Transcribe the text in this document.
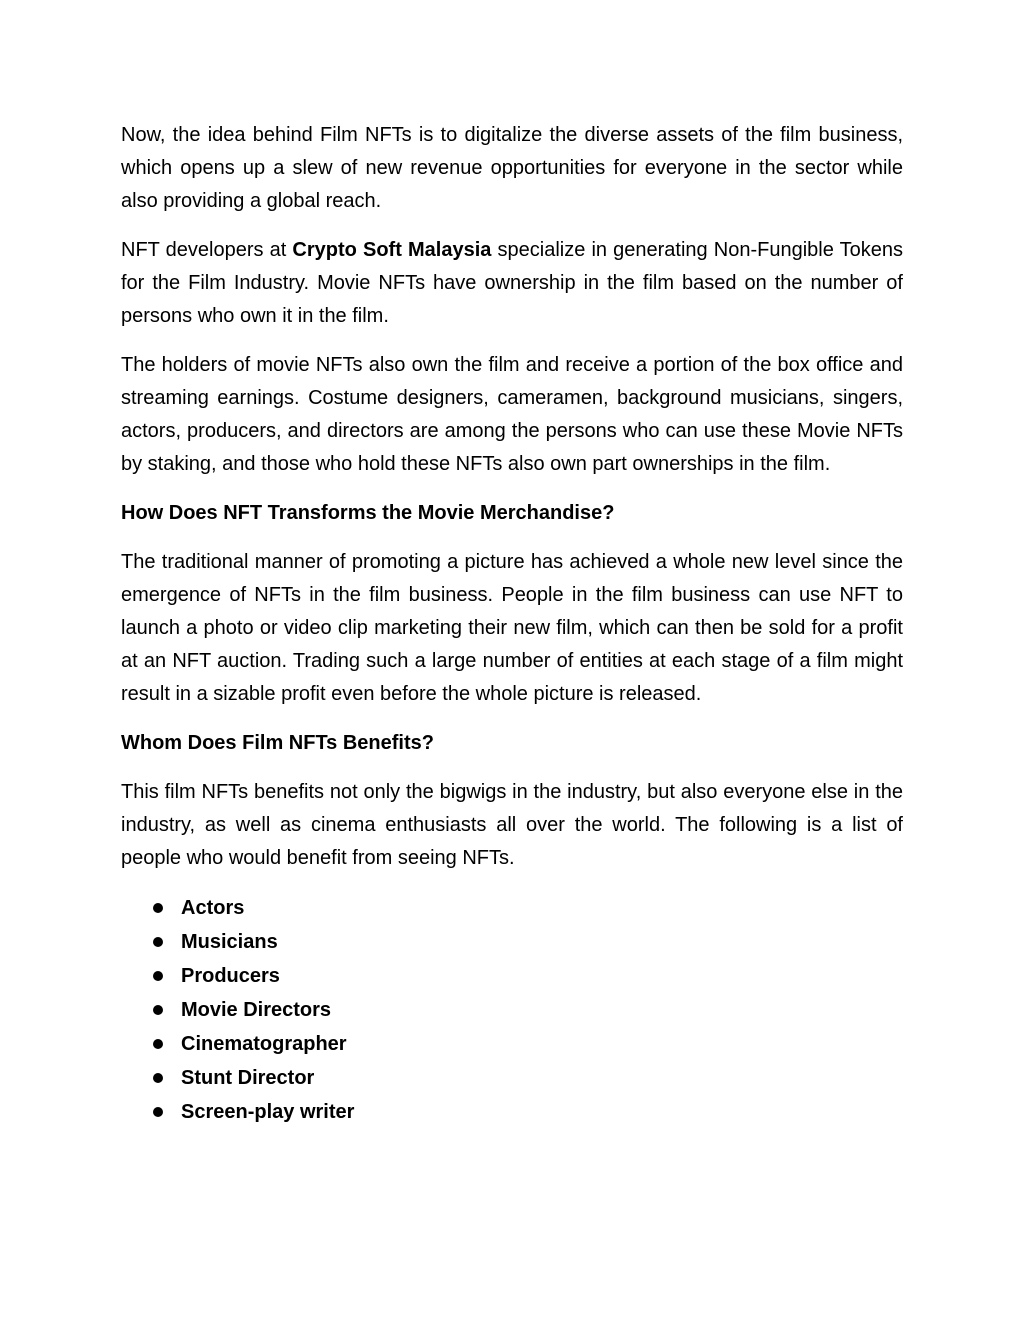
Now, the idea behind Film NFTs is to digitalize the diverse assets of the film business, which opens up a slew of new revenue opportunities for everyone in the sector while also providing a global reach.

NFT developers at Crypto Soft Malaysia specialize in generating Non-Fungible Tokens for the Film Industry. Movie NFTs have ownership in the film based on the number of persons who own it in the film.

The holders of movie NFTs also own the film and receive a portion of the box office and streaming earnings. Costume designers, cameramen, background musicians, singers, actors, producers, and directors are among the persons who can use these Movie NFTs by staking, and those who hold these NFTs also own part ownerships in the film.

How Does NFT Transforms the Movie Merchandise?

The traditional manner of promoting a picture has achieved a whole new level since the emergence of NFTs in the film business. People in the film business can use NFT to launch a photo or video clip marketing their new film, which can then be sold for a profit at an NFT auction. Trading such a large number of entities at each stage of a film might result in a sizable profit even before the whole picture is released.

Whom Does Film NFTs Benefits?

This film NFTs benefits not only the bigwigs in the industry, but also everyone else in the industry, as well as cinema enthusiasts all over the world. The following is a list of people who would benefit from seeing NFTs.

Actors
Musicians
Producers
Movie Directors
Cinematographer
Stunt Director
Screen-play writer
